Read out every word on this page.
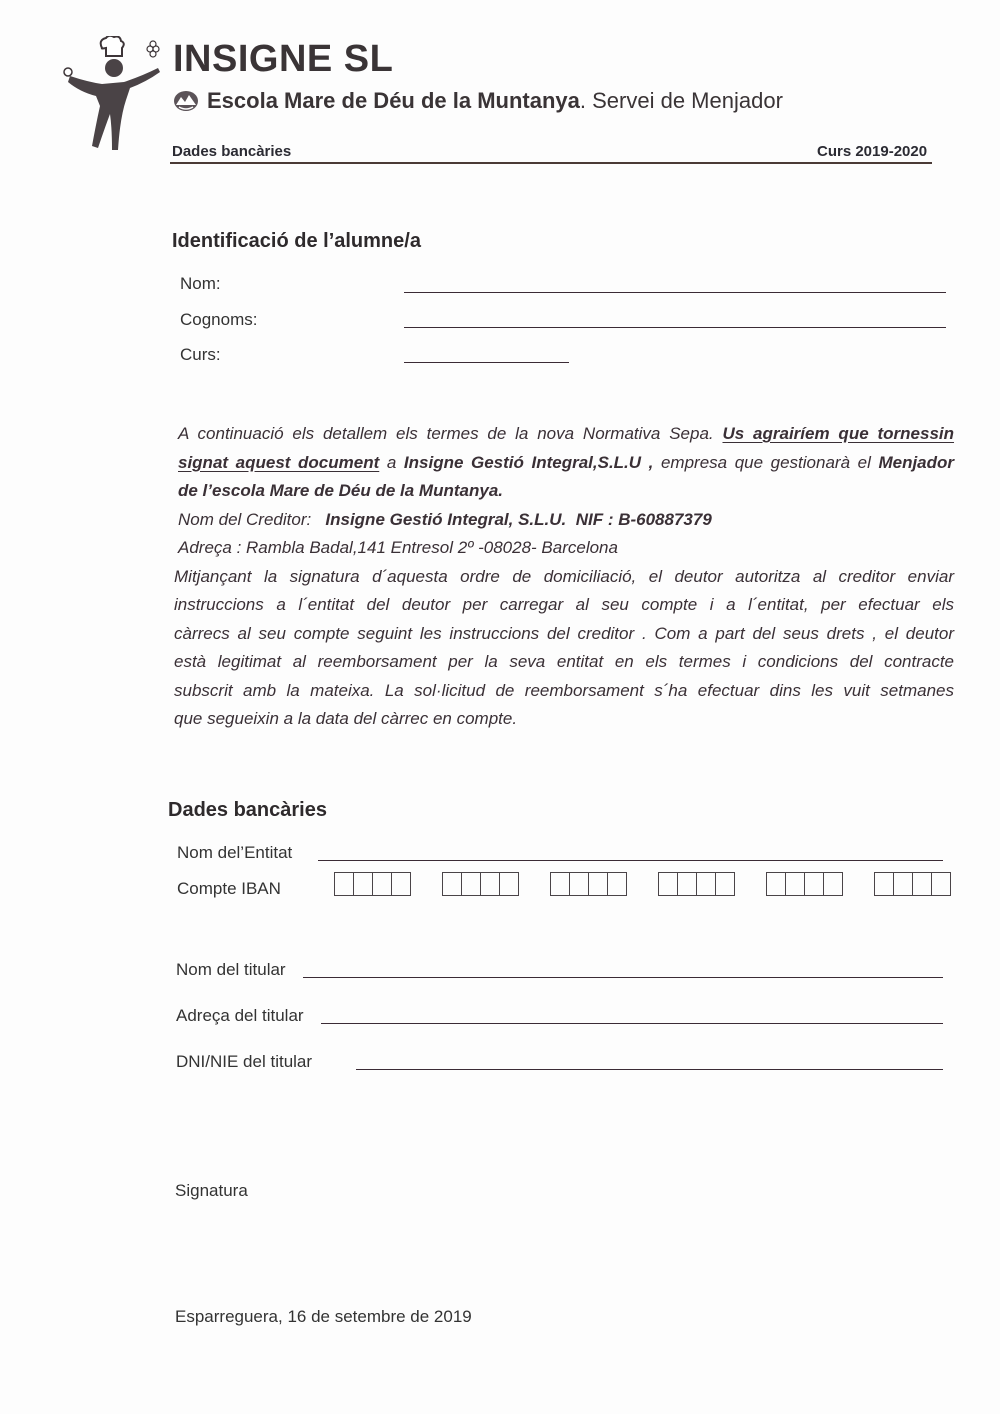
INSIGNE SL
Escola Mare de Déu de la Muntanya. Servei de Menjador
Dades bancàries	Curs 2019-2020
Identificació de l’alumne/a
Nom:
Cognoms:
Curs:
A continuació els detallem els termes de la nova Normativa Sepa. Us agrairíem que tornessin
signat aquest document a Insigne Gestió Integral,S.L.U , empresa que gestionarà el Menjador
de l’escola Mare de Déu de la Muntanya.
Nom del Creditor:   Insigne Gestió Integral, S.L.U.  NIF : B-60887379
Adreça : Rambla Badal,141 Entresol 2º -08028- Barcelona
Mitjançant la signatura d´aquesta ordre de domiciliació, el deutor autoritza al creditor enviar
instruccions a l´entitat del deutor per carregar al seu compte i a l´entitat, per efectuar els
càrrecs al seu compte seguint les instruccions del creditor . Com a part del seus drets , el deutor
està legitimat al reemborsament per la seva entitat en els termes i condicions del contracte
subscrit amb la mateixa. La sol·licitud de reemborsament s´ha efectuar dins les vuit setmanes
que segueixin a la data del càrrec en compte.
Dades bancàries
Nom del’Entitat
Compte IBAN
Nom del titular
Adreça del titular
DNI/NIE del titular
Signatura
Esparreguera, 16 de setembre de 2019
